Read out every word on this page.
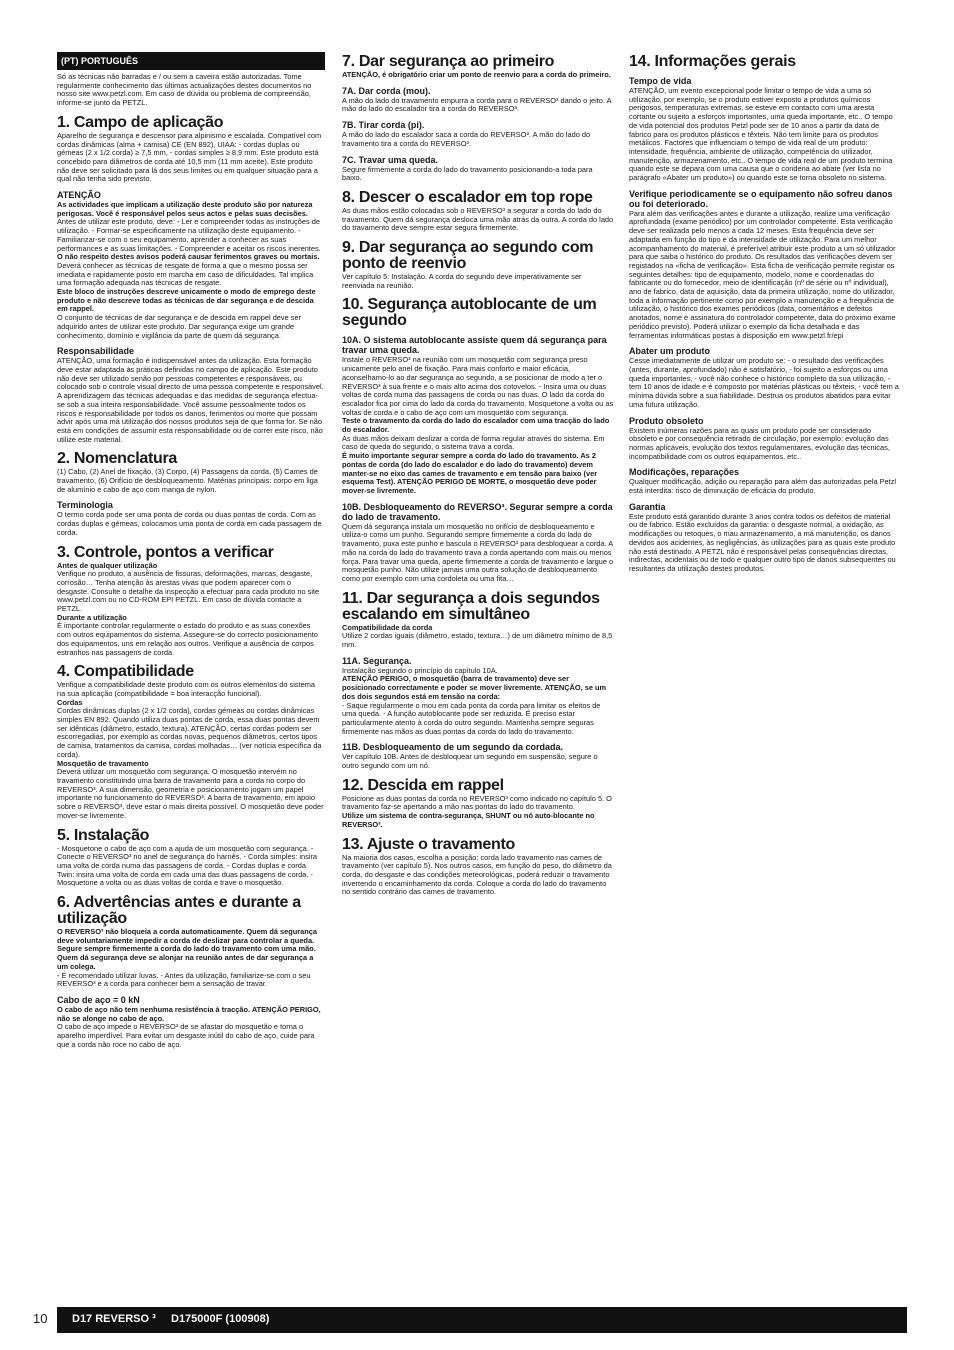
(PT) PORTUGUÊS

Só as técnicas não barradas e / ou sem a caveira estão autorizadas. Tome regularmente conhecimento das últimas actualizações destes documentos no nosso site www.petzl.com. Em caso de dúvida ou problema de compreensão, informe-se junto da PETZL.

1. Campo de aplicação

Aparelho de segurança e descensor para alpinismo e escalada. Compatível com cordas dinâmicas (alma + camisa) CE (EN 892), UIAA: - cordas duplas ou gémeas (2 x 1/2 corda) ≥ 7,5 mm, - cordas simples ≥ 8,9 mm. Este produto está concebido para diâmetros de corda até 10,5 mm (11 mm aceite). Este produto não deve ser solicitado para lá dos seus limites ou em qualquer situação para a qual não tenha sido previsto.

ATENÇÃO

As actividades que implicam a utilização deste produto são por natureza perigosas. Você é responsável pelos seus actos e pelas suas decisões.

Antes de utilizar este produto, deve: - Ler e compreender todas as instruções de utilização. - Formar-se especificamente na utilização deste equipamento. - Familiarizar-se com o seu equipamento, aprender a conhecer as suas performances e as suas limitações. - Compreender e aceitar os riscos inerentes.

O não respeito destes avisos poderá causar ferimentos graves ou mortais.

Deverá conhecer as técnicas de resgate de forma a que o mesmo possa ser imediata e rapidamente posto em marcha em caso de dificuldades. Tal implica uma formação adequada nas técnicas de resgate.

Este bloco de instruções descreve unicamente o modo de emprego deste produto e não descreve todas as técnicas de dar segurança e de descida em rappel.

O conjunto de técnicas de dar segurança e de descida em rappel deve ser adquirido antes de utilizar este produto. Dar segurança exige um grande conhecimento, domínio e vigilância da parte de quem dá segurança.

Responsabilidade

ATENÇÃO, uma formação é indispensável antes da utilização. Esta formação deve estar adaptada às práticas definidas no campo de aplicação. Este produto não deve ser utilizado senão por pessoas competentes e responsáveis, ou colocado sob o controle visual directo de uma pessoa competente e responsável. A aprendizagem das técnicas adequadas e das medidas de segurança efectua-se sob a sua inteira responsabilidade. Você assume pessoalmente todos os riscos e responsabilidade por todos os danos, ferimentos ou morte que possam advir após uma má utilização dos nossos produtos seja de que forma for. Se não está em condições de assumir esta responsabilidade ou de correr este risco, não utilize este material.

2. Nomenclatura

(1) Cabo, (2) Anel de fixação, (3) Corpo, (4) Passagens da corda, (5) Cames de travamento, (6) Orifício de desbloqueamento. Matérias principais: corpo em liga de alumínio e cabo de aço com manga de nylon.

Terminologia

O termo corda pode ser uma ponta de corda ou duas pontas de corda. Com as cordas duplas e gémeas, colocamos uma ponta de corda em cada passagem de corda.

3. Controle, pontos a verificar

Antes de qualquer utilização

Verifique no produto, a ausência de fissuras, deformações, marcas, desgaste, corrosão… Tenha atenção às arestas vivas que podem aparecer com o desgaste. Consulte o detalhe da inspecção a efectuar para cada produto no site www.petzl.com ou no CD-ROM EPI PETZL. Em caso de dúvida contacte a PETZL.

Durante a utilização

É importante controlar regularmente o estado do produto e as suas conexões com outros equipamentos do sistema. Assegure-se do correcto posicionamento dos equipamentos, uns em relação aos outros. Verifique a ausência de corpos estranhos nas passagens de corda.

4. Compatibilidade

Verifique a compatibilidade deste produto com os outros elementos do sistema na sua aplicação (compatibilidade = boa interacção funcional).

Cordas

Cordas dinâmicas duplas (2 x 1/2 corda), cordas gémeas ou cordas dinâmicas simples EN 892. Quando utiliza duas pontas de corda, essa duas pontas devem ser idênticas (diâmetro, estado, textura). ATENÇÃO, certas cordas podem ser escorregadias, por exemplo as cordas novas, pequenos diâmetros, certos tipos de camisa, tratamentos da camisa, cordas molhadas… (ver notícia específica da corda).

Mosquetão de travamento

Deverá utilizar um mosquetão com segurança. O mosquetão intervém no travamento constituindo uma barra de travamento para a corda no corpo do REVERSO³. A sua dimensão, geometria e posicionamento jogam um papel importante no funcionamento do REVERSO³. A barra de travamento, em apoio sobre o REVERSO³, deve estar o mais direita possível. O mosquetão deve poder mover-se livremente.

5. Instalação

- Mosquetone o cabo de aço com a ajuda de um mosquetão com segurança. - Conecte o REVERSO³ no anel de segurança do harnês. - Corda simples: insira uma volta de corda numa das passagens de corda. - Cordas duplas e corda Twin: insira uma volta de corda em cada uma das duas passagens de corda. - Mosquetone a volta ou as duas voltas de corda e trave o mosquetão.

6. Advertências antes e durante a utilização

O REVERSO³ não bloqueia a corda automaticamente. Quem dá segurança deve voluntariamente impedir a corda de deslizar para controlar a queda. Segure sempre firmemente a corda do lado do travamento com uma mão. Quem dá segurança deve se alonjar na reunião antes de dar segurança a um colega.

- É recomendado utilizar luvas. - Antes da utilização, familiarize-se com o seu REVERSO³ e a corda para conhecer bem a sensação de travar.

Cabo de aço = 0 kN

O cabo de aço não tem nenhuma resistência à tracção. ATENÇÃO PERIGO, não se alonge no cabo de aço.

O cabo de aço impede o REVERSO³ de se afastar do mosquetão e torna o aparelho imperdível. Para evitar um desgaste inútil do cabo de aço, cuide para que a corda não roce no cabo de aço.

7. Dar segurança ao primeiro

ATENÇÃO, é obrigatório criar um ponto de reenvio para a corda do primeiro.

7A. Dar corda (mou).

A mão do lado do travamento empurra a corda para o REVERSO³ dando o jeito. A mão do lado do escalador tira a corda do REVERSO³.

7B. Tirar corda (pi).

A mão do lado do escalador saca a corda do REVERSO³. A mão do lado do travamento tira a corda do REVERSO³.

7C. Travar uma queda.

Segure firmemente a corda do lado do travamento posicionando-a toda para baixo.

8. Descer o escalador em top rope

As duas mãos estão colocadas sob o REVERSO³ a segurar a corda do lado do travamento. Quem dá segurança desloca uma mão atrás da outra. A corda do lado do travamento deve sempre estar segura firmemente.

9. Dar segurança ao segundo com ponto de reenvio

Ver capítulo 5: Instalação. A corda do segundo deve imperativamente ser reenviada na reunião.

10. Segurança autoblocante de um segundo
10A. O sistema autoblocante assiste quem dá segurança para travar uma queda.

Instale o REVERSO³ na reunião com um mosquetão com segurança preso unicamente pelo anel de fixação. Para mais conforto e maior eficácia, aconselhamo-lo ao dar segurança ao segundo, a se posicionar de modo a ter o REVERSO³ à sua frente e o mais alto acima dos cotovelos. - Insira uma ou duas voltas de corda numa das passagens de corda ou nas duas. O lado da corda do escalador fica por cima do lado da corda do travamento. Mosquetone a volta ou as voltas de corda e o cabo de aço com um mosquetão com segurança.

Teste o travamento da corda do lado do escalador com uma tracção do lado do escalador.

As duas mãos deixam deslizar a corda de forma regular através do sistema. Em caso de queda do segundo, o sistema trava a corda.

É muito importante segurar sempre a corda do lado do travamento. As 2 pontas de corda (do lado do escalador e do lado do travamento) devem manter-se no eixo das cames de travamento e em tensão para baixo (ver esquema Test). ATENÇÃO PERIGO DE MORTE, o mosquetão deve poder mover-se livremente.

10B. Desbloqueamento do REVERSO³. Segurar sempre a corda do lado de travamento.

Quem dá segurança instala um mosquetão no orifício de desbloqueamento e utiliza-o como um punho. Segurando sempre firmemente a corda do lado do travamento, puxa este punho e bascula o REVERSO³ para desbloquear a corda. A mão na corda do lado do travamento trava a corda apertando com mais ou menos força. Para travar uma queda, aperte firmemente a corda de travamento e largue o mosquetão punho. Não utilize jamais uma outra solução de desbloqueamento como por exemplo com uma cordoleta ou uma fita…

11. Dar segurança a dois segundos escalando em simultâneo

Compatibilidade da corda

Utilize 2 cordas iguais (diâmetro, estado, textura…) de um diâmetro mínimo de 8,5 mm.

11A. Segurança.

Instalação segundo o princípio do capítulo 10A.

ATENÇÃO PERIGO, o mosquetão (barra de travamento) deve ser posicionado correctamente e poder se mover livremente. ATENÇÃO, se um dos dois segundos está em tensão na corda:

- Saque regularmente o mou em cada ponta da corda para limitar os efeitos de uma queda. - A função autoblocante pode ser reduzida. É preciso estar particularmente atento à corda do outro segundo. Mantenha sempre seguras firmemente nas mãos as duas pontas da corda do lado do travamento.

11B. Desbloqueamento de um segundo da cordada.

Ver capítulo 10B. Antes de desbloquear um segundo em suspensão, segure o outro segundo com um nó.

12. Descida em rappel

Posicione as duas pontas da corda no REVERSO³ como indicado no capítulo 5. O travamento faz-se apertando a mão nas pontas do lado do travamento.

Utilize um sistema de contra-segurança, SHUNT ou nó auto-blocante no REVERSO³.

13. Ajuste o travamento

Na maioria dos casos, escolha a posição: corda lado travamento nas cames de travamento (ver capítulo 5). Nos outros casos, em função do peso, do diâmetro da corda, do desgaste e das condições meteorológicas, poderá reduzir o travamento invertendo o encaminhamento da corda. Coloque a corda do lado do travamento no sentido contrário das cames de travamento.

14. Informações gerais
Tempo de vida

ATENÇÃO, um evento excepcional pode limitar o tempo de vida a uma só utilização, por exemplo, se o produto estiver exposto a produtos químicos perigosos, temperaturas extremas, se esteve em contacto com uma aresta cortante ou sujeito a esforços importantes, uma queda importante, etc.. O tempo de vida potencial dos produtos Petzl pode ser de 10 anos a partir da data de fabrico para os produtos plásticos e têxteis. Não tem limite para os produtos metálicos. Factores que influenciam o tempo de vida real de um produto: intensidade, frequência, ambiente de utilização, competência do utilizador, manutenção, armazenamento, etc.. O tempo de vida real de um produto termina quando este se depara com uma causa que o condena ao abate (ver lista no parágrafo «Abater um produto») ou quando este se torna obsoleto no sistema.

Verifique periodicamente se o equipamento não sofreu danos ou foi deteriorado.

Para além das verificações antes e durante a utilização, realize uma verificação aprofundada (exame periódico) por um controlador competente. Esta verificação deve ser realizada pelo menos a cada 12 meses. Esta frequência deve ser adaptada em função do tipo e da intensidade de utilização. Para um melhor acompanhamento do material, é preferível atribuir este produto a um só utilizador para que saiba o histórico do produto. Os resultados das verificações devem ser registados na «ficha de verificação». Esta ficha de verificação permite registar os seguintes detalhes: tipo de equipamento, modelo, nome e coordenadas do fabricante ou do fornecedor, meio de identificação (nº de série ou nº individual), ano de fabrico, data de aquisição, data da primeira utilização, nome do utilizador, toda a informação pertinente como por exemplo a manutenção e a frequência de utilização, o histórico dos exames periódicos (data, comentários e defeitos anotados, nome e assinatura do controlador competente, data do próximo exame periódico previsto). Poderá utilizar o exemplo da ficha detalhada e das ferramentas informáticas postas à disposição em www.petzl.fr/epi

Abater um produto

Cesse imediatamente de utilizar um produto se: - o resultado das verificações (antes, durante, aprofundado) não é satisfatório, - foi sujeito a esforços ou uma queda importantes, - você não conhece o histórico completo da sua utilização, - tem 10 anos de idade e é composto por matérias plásticas ou têxteis, - você tem a mínima dúvida sobre a sua fiabilidade. Destrua os produtos abatidos para evitar uma futura utilização.

Produto obsoleto

Existem inúmeras razões para as quais um produto pode ser considerado obsoleto e por consequência retirado de circulação, por exemplo: evolução das normas aplicáveis, evolução dos textos regulamentares, evolução das técnicas, incompatibilidade com os outros equipamentos, etc..

Modificações, reparações

Qualquer modificação, adição ou reparação para além das autorizadas pela Petzl está interdita: risco de diminuição de eficácia do produto.

Garantia

Este produto está garantido durante 3 anos contra todos os defeitos de material ou de fabrico. Estão excluídos da garantia: o desgaste normal, a oxidação, as modificações ou retoques, o mau armazenamento, a má manutenção, os danos devidos aos acidentes, às negligências, às utilizações para as quais este produto não está destinado. A PETZL não é responsável pelas consequências directas, indirectas, acidentais ou de todo e qualquer outro tipo de danos subsequentes ou resultantes da utilização destes produtos.

10 D17 REVERSO ³ D175000F (100908)
